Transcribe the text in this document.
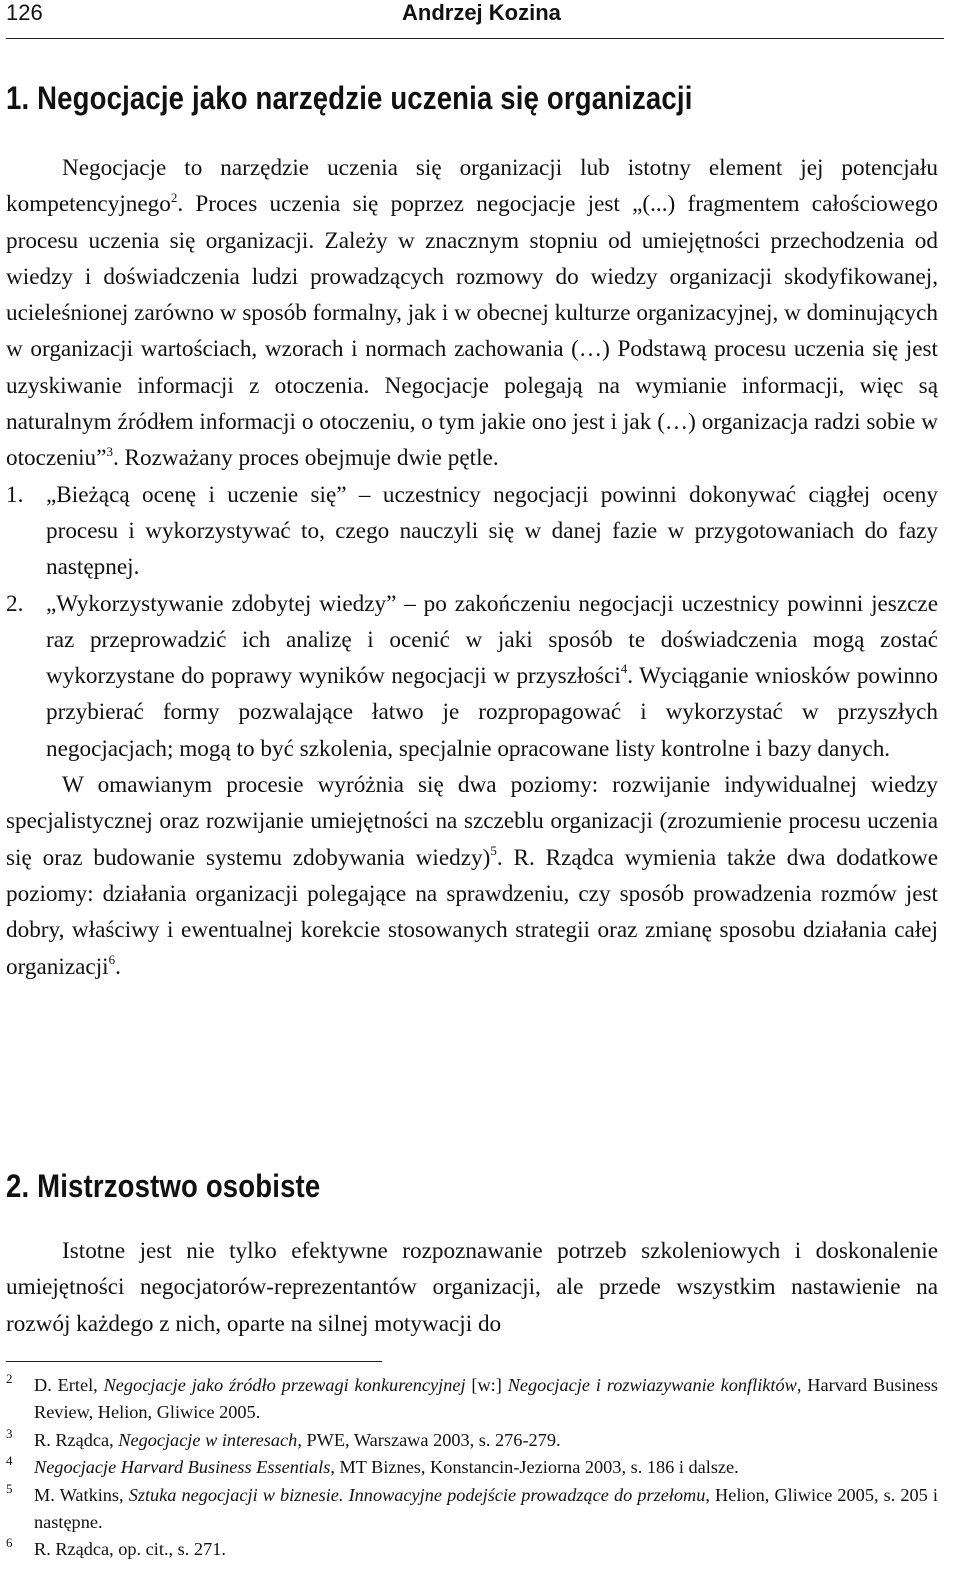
126	Andrzej Kozina
1. Negocjacje jako narzędzie uczenia się organizacji

Negocjacje to narzędzie uczenia się organizacji lub istotny element jej potencjału kompetencyjnego$^2$. Proces uczenia się poprzez negocjacje jest „(...) fragmentem całościowego procesu uczenia się organizacji. Zależy w znacznym stopniu od umiejętności przechodzenia od wiedzy i doświadczenia ludzi prowadzących rozmowy do wiedzy organizacji skodyfikowanej, ucieleśnionej zarówno w sposób formalny, jak i w obecnej kulturze organizacyjnej, w dominujących w organizacji wartościach, wzorach i normach zachowania (…) Podstawą procesu uczenia się jest uzyskiwanie informacji z otoczenia. Negocjacje polegają na wymianie informacji, więc są naturalnym źródłem informacji o otoczeniu, o tym jakie ono jest i jak (…) organizacja radzi sobie w otoczeniu”$^3$. Rozważany proces obejmuje dwie pętle.

1. „Bieżącą ocenę i uczenie się” – uczestnicy negocjacji powinni dokonywać ciągłej oceny procesu i wykorzystywać to, czego nauczyli się w danej fazie w przygotowaniach do fazy następnej.
2. „Wykorzystywanie zdobytej wiedzy” – po zakończeniu negocjacji uczestnicy powinni jeszcze raz przeprowadzić ich analizę i ocenić w jaki sposób te doświadczenia mogą zostać wykorzystane do poprawy wyników negocjacji w przyszłości$^4$. Wyciąganie wniosków powinno przybierać formy pozwalające łatwo je rozpropagować i wykorzystać w przyszłych negocjacjach; mogą to być szkolenia, specjalnie opracowane listy kontrolne i bazy danych.

W omawianym procesie wyróżnia się dwa poziomy: rozwijanie indywidualnej wiedzy specjalistycznej oraz rozwijanie umiejętności na szczeblu organizacji (zrozumienie procesu uczenia się oraz budowanie systemu zdobywania wiedzy)$^5$. R. Rządca wymienia także dwa dodatkowe poziomy: działania organizacji polegające na sprawdzeniu, czy sposób prowadzenia rozmów jest dobry, właściwy i ewentualnej korekcie stosowanych strategii oraz zmianę sposobu działania całej organizacji$^6$.

2. Mistrzostwo osobiste

Istotne jest nie tylko efektywne rozpoznawanie potrzeb szkoleniowych i doskonalenie umiejętności negocjatorów-reprezentantów organizacji, ale przede wszystkim nastawienie na rozwój każdego z nich, oparte na silnej motywacji do

2 D. Ertel, Negocjacje jako źródło przewagi konkurencyjnej [w:] Negocjacje i rozwiazywanie konfliktów, Harvard Business Review, Helion, Gliwice 2005.
3 R. Rządca, Negocjacje w interesach, PWE, Warszawa 2003, s. 276-279.
4 Negocjacje Harvard Business Essentials, MT Biznes, Konstancin-Jeziorna 2003, s. 186 i dalsze.
5 M. Watkins, Sztuka negocjacji w biznesie. Innowacyjne podejście prowadzące do przełomu, Helion, Gliwice 2005, s. 205 i następne.
6 R. Rządca, op. cit., s. 271.
